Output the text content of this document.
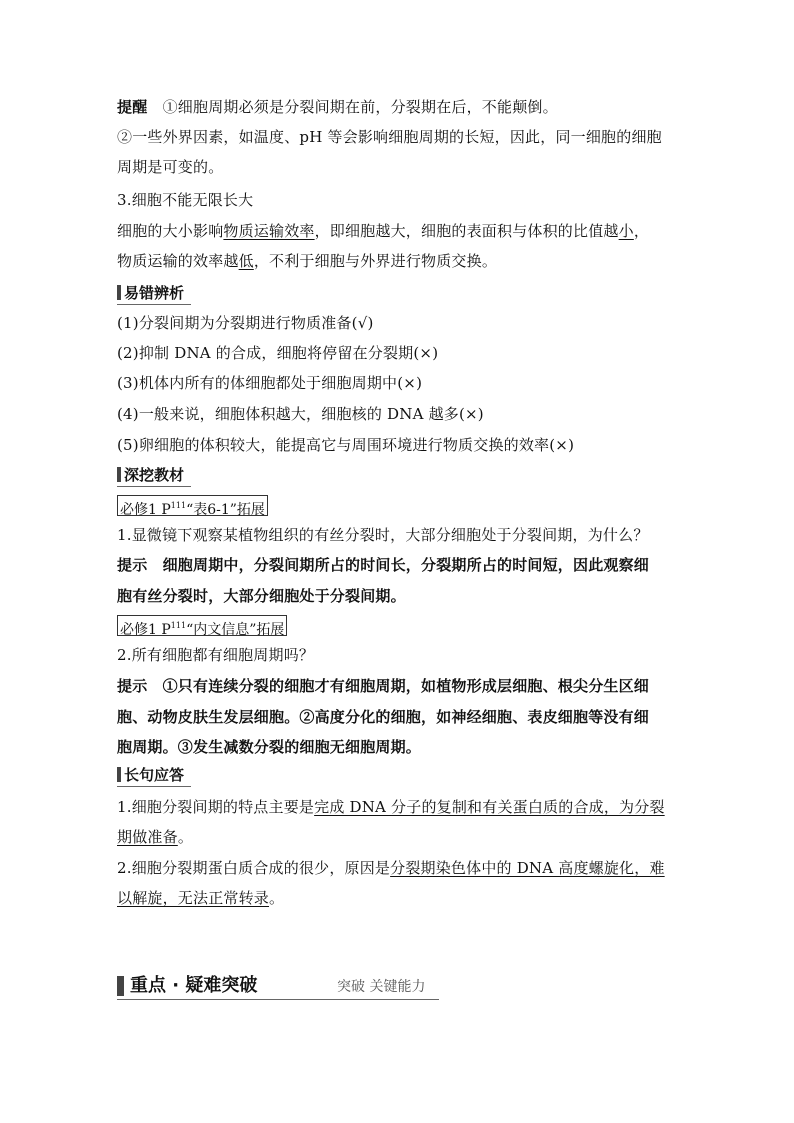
提醒　 ①细胞周期必须是分裂间期在前，分裂期在后，不能颠倒。
②一些外界因素，如温度、pH 等会影响细胞周期的长短，因此，同一细胞的细胞
周期是可变的。
3.细胞不能无限长大
细胞的大小影响物质运输效率，即细胞越大，细胞的表面积与体积的比值越小，
物质运输的效率越低，不利于细胞与外界进行物质交换。
易错辨析
(1)分裂间期为分裂期进行物质准备(√)
(2)抑制 DNA 的合成，细胞将停留在分裂期(×)
(3)机体内所有的体细胞都处于细胞周期中(×)
(4)一般来说，细胞体积越大，细胞核的 DNA 越多(×)
(5)卵细胞的体积较大，能提高它与周围环境进行物质交换的效率(×)
深挖教材
必修1 $P^{111}“$表6-1”拓展
1.显微镜下观察某植物组织的有丝分裂时，大部分细胞处于分裂间期，为什么？
提示　细胞周期中，分裂间期所占的时间长，分裂期所占的时间短，因此观察细
胞有丝分裂时，大部分细胞处于分裂间期。
必修1 $P^{111}“$内文信息”拓展
2.所有细胞都有细胞周期吗？
提示　①只有连续分裂的细胞才有细胞周期，如植物形成层细胞、根尖分生区细
胞、动物皮肤生发层细胞。②高度分化的细胞，如神经细胞、表皮细胞等没有细
胞周期。③发生减数分裂的细胞无细胞周期。
长句应答
1.细胞分裂间期的特点主要是完成 DNA 分子的复制和有关蛋白质的合成，为分裂
期做准备。
2.细胞分裂期蛋白质合成的很少，原因是分裂期染色体中的 DNA 高度螺旋化，难
以解旋，无法正常转录。
重点 · 疑难突破	突破 关键能力
